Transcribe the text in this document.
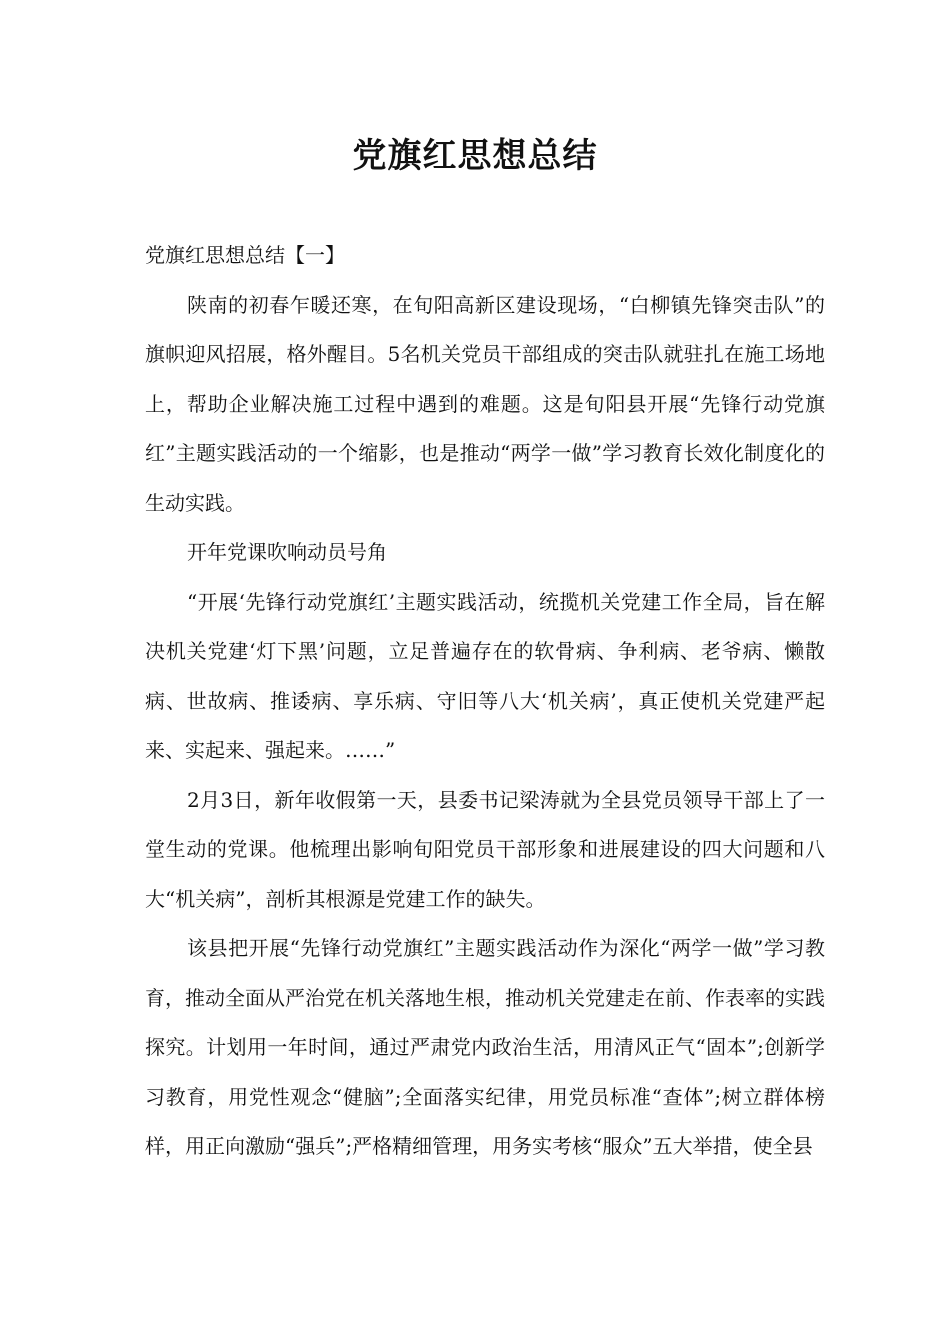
党旗红思想总结

党旗红思想总结【一】

陕南的初春乍暖还寒，在旬阳高新区建设现场，“白柳镇先锋突击队”的旗帜迎风招展，格外醒目。5名机关党员干部组成的突击队就驻扎在施工场地上，帮助企业解决施工过程中遇到的难题。这是旬阳县开展“先锋行动党旗红”主题实践活动的一个缩影，也是推动“两学一做”学习教育长效化制度化的生动实践。

开年党课吹响动员号角

“开展‘先锋行动党旗红’主题实践活动，统揽机关党建工作全局，旨在解决机关党建‘灯下黑’问题，立足普遍存在的软骨病、争利病、老爷病、懒散病、世故病、推诿病、享乐病、守旧等八大‘机关病’，真正使机关党建严起来、实起来、强起来。……”

2月3日，新年收假第一天，县委书记梁涛就为全县党员领导干部上了一堂生动的党课。他梳理出影响旬阳党员干部形象和进展建设的四大问题和八大“机关病”，剖析其根源是党建工作的缺失。

该县把开展“先锋行动党旗红”主题实践活动作为深化“两学一做”学习教育，推动全面从严治党在机关落地生根，推动机关党建走在前、作表率的实践探究。计划用一年时间，通过严肃党内政治生活，用清风正气“固本”;创新学习教育，用党性观念“健脑”;全面落实纪律，用党员标准“查体”;树立群体榜样，用正向激励“强兵”;严格精细管理，用务实考核“服众”五大举措，使全县
